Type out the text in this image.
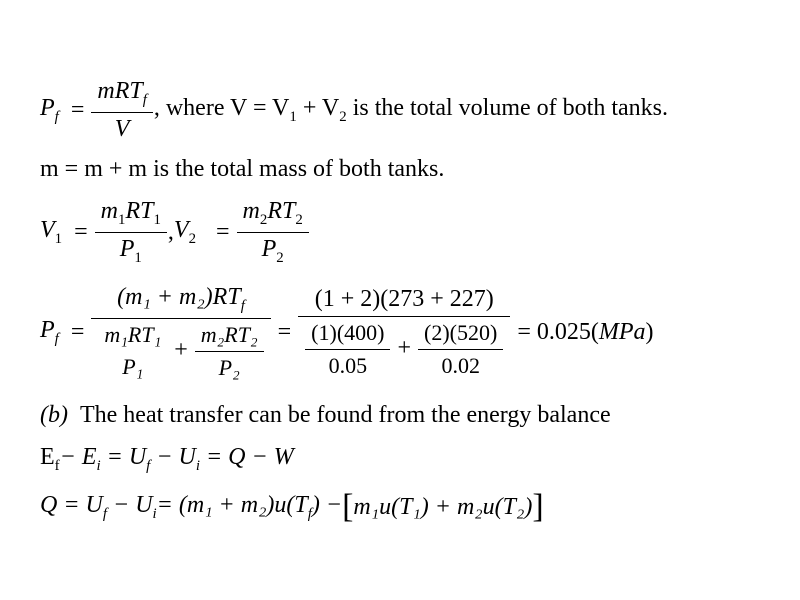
$P_f = \frac{mRT_f}{V}$ , where $V = V_1 + V_2$ is the total volume of both tanks.
m = m + m is the total mass of both tanks.
$V_1 = \frac{m_1RT_1}{P_1}$ , $V_2 = \frac{m_2RT_2}{P_2}$
$P_f$ =
$(m_1 + m_2)RT_f$
m₁RT₁
P₁
+ $\frac{\text{m₂RT₂}}{\text{P₂}}$ =
(1 + 2)(273 + 227)
$\frac{(1)(400)}{0.05} + \frac{(2)(520)}{0.02} = 0.025(MPa)$
(b) The heat transfer can be found from the energy balance
$E_f - E_i = U_f - U_i = Q - W$
$Q = U_f - U_i = (m_1 + m_2)u(T_f)$ − [ m₁u(T₁) + m₂u(T₂) ]
